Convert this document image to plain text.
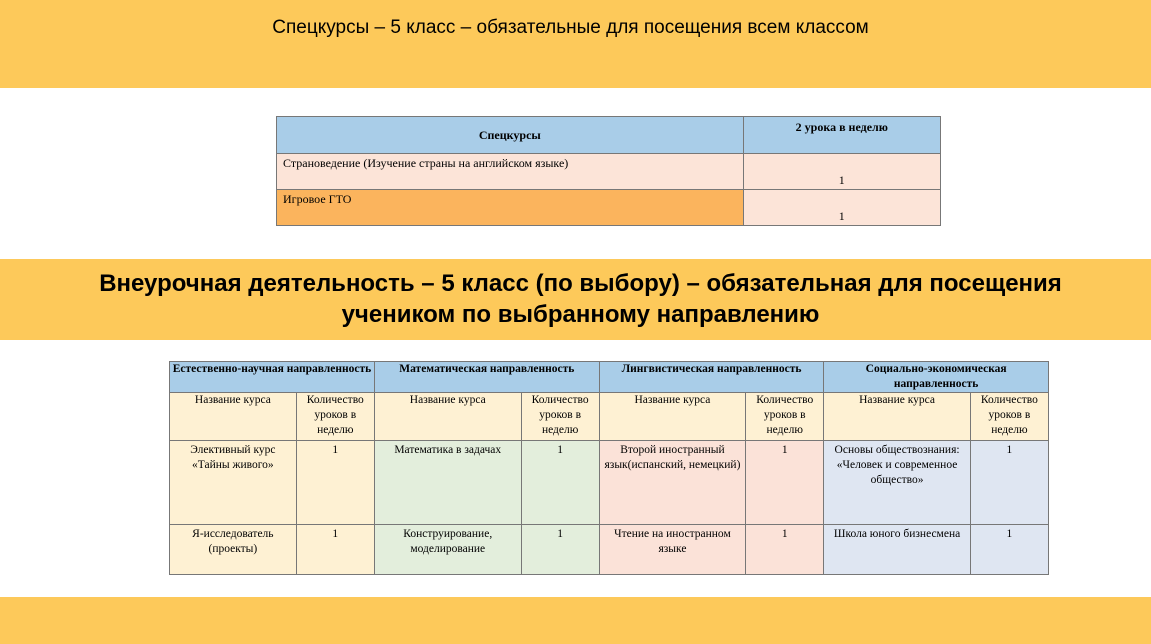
Спецкурсы – 5 класс – обязательные для посещения всем классом
Спецкурсы	2 урока в неделю
Страноведение (Изучение страны на английском языке)	1
Игровое ГТО	1
Внеурочная деятельность – 5 класс (по выбору) – обязательная для посещения
учеником по выбранному направлению
Естественно-научная направленность		Математическая направленность		Лингвистическая направленность		Социально-экономическая направленность	
Название курса	Количество уроков в неделю	Название курса	Количество уроков в неделю	Название курса	Количество уроков в неделю	Название курса	Количество уроков в неделю
Элективный курс «Тайны живого»	1	Математика в задачах	1	Второй иностранный язык(испанский, немецкий)	1	Основы обществознания: «Человек и современное общество»	1
Я-исследователь (проекты)	1	Конструирование, моделирование	1	Чтение на иностранном языке	1	Школа юного бизнесмена	1
